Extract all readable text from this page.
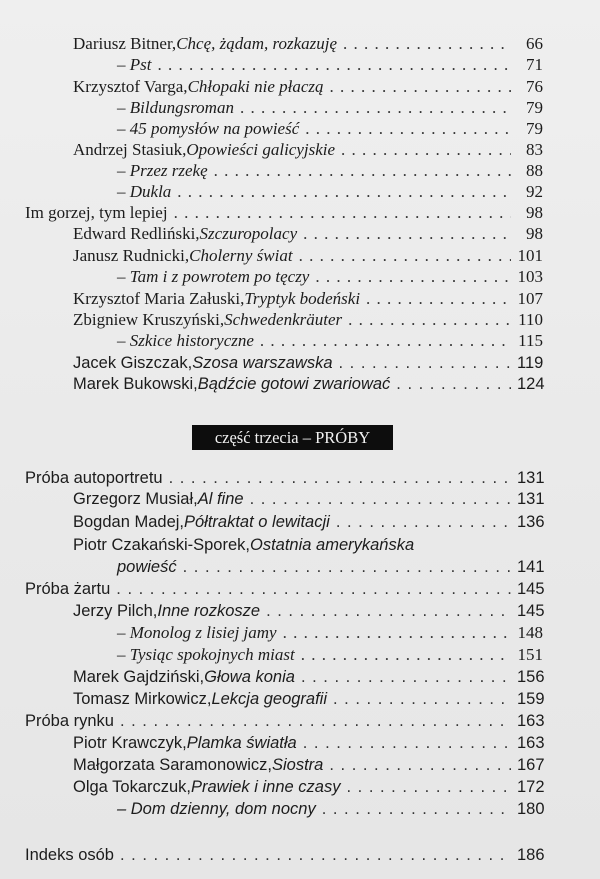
Dariusz Bitner, Chcę, żądam, rozkazuję . . .	66
– Pst . . .	71
Krzysztof Varga, Chłopaki nie płaczą . . .	76
– Bildungsroman . . .	79
– 45 pomysłów na powieść . . .	79
Andrzej Stasiuk, Opowieści galicyjskie . . .	83
– Przez rzekę . . .	88
– Dukla . . .	92
Im gorzej, tym lepiej . . .	98
Edward Redliński, Szczuropolacy . . .	98
Janusz Rudnicki, Cholerny świat . . .	101
– Tam i z powrotem po tęczy . . .	103
Krzysztof Maria Załuski, Tryptyk bodeński . . .	107
Zbigniew Kruszyński, Schwedenkräuter . . .	110
– Szkice historyczne . . .	115
Jacek Giszczak, Szosa warszawska . . .	119
Marek Bukowski, Bądźcie gotowi zwariować . . .	124
część trzecia – PRÓBY
Próba autoportretu . . .	131
Grzegorz Musiał, Al fine . . .	131
Bogdan Madej, Półtraktat o lewitacji . . .	136
Piotr Czakański-Sporek, Ostatnia amerykańska
powieść . . .	141
Próba żartu . . .	145
Jerzy Pilch, Inne rozkosze . . .	145
– Monolog z lisiej jamy . . .	148
– Tysiąc spokojnych miast . . .	151
Marek Gajdziński, Głowa konia . . .	156
Tomasz Mirkowicz, Lekcja geografii . . .	159
Próba rynku . . .	163
Piotr Krawczyk, Plamka światła . . .	163
Małgorzata Saramonowicz, Siostra . . .	167
Olga Tokarczuk, Prawiek i inne czasy . . .	172
– Dom dzienny, dom nocny . . .	180
Indeks osób . . .	186
